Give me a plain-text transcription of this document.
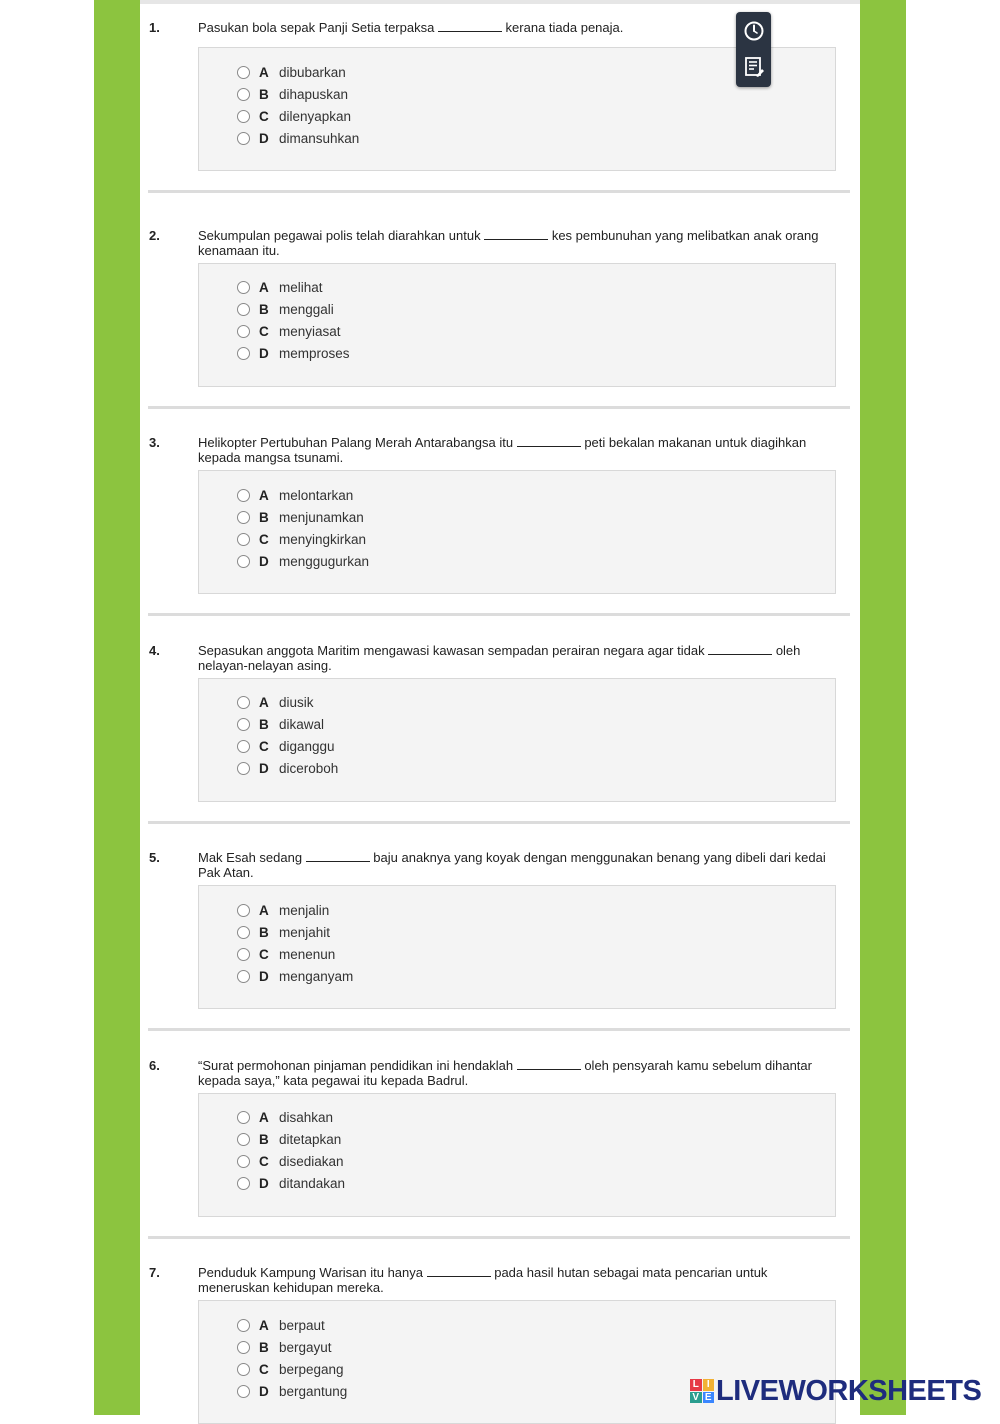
1.	Pasukan bola sepak Panji Setia terpaksa	kerana tiada penaja.
A dibubarkan
B dihapuskan
C dilenyapkan
D dimansuhkan
2.	Sekumpulan pegawai polis telah diarahkan untuk	kes pembunuhan yang melibatkan anak orang kenamaan itu.
A melihat
B menggali
C menyiasat
D memproses
3.	Helikopter Pertubuhan Palang Merah Antarabangsa itu	peti bekalan makanan untuk diagihkan kepada mangsa tsunami.
A melontarkan
B menjunamkan
C menyingkirkan
D menggugurkan
4.	Sepasukan anggota Maritim mengawasi kawasan sempadan perairan negara agar tidak	oleh nelayan-nelayan asing.
A diusik
B dikawal
C diganggu
D diceroboh
5.	Mak Esah sedang	baju anaknya yang koyak dengan menggunakan benang yang dibeli dari kedai Pak Atan.
A menjalin
B menjahit
C menenun
D menganyam
6.	“Surat permohonan pinjaman pendidikan ini hendaklah	oleh pensyarah kamu sebelum dihantar kepada saya,” kata pegawai itu kepada Badrul.
A disahkan
B ditetapkan
C disediakan
D ditandakan
7.	Penduduk Kampung Warisan itu hanya	pada hasil hutan sebagai mata pencarian untuk meneruskan kehidupan mereka.
A berpaut
B bergayut
C berpegang
D bergantung	L I
V E LIVEWORKSHEETS
